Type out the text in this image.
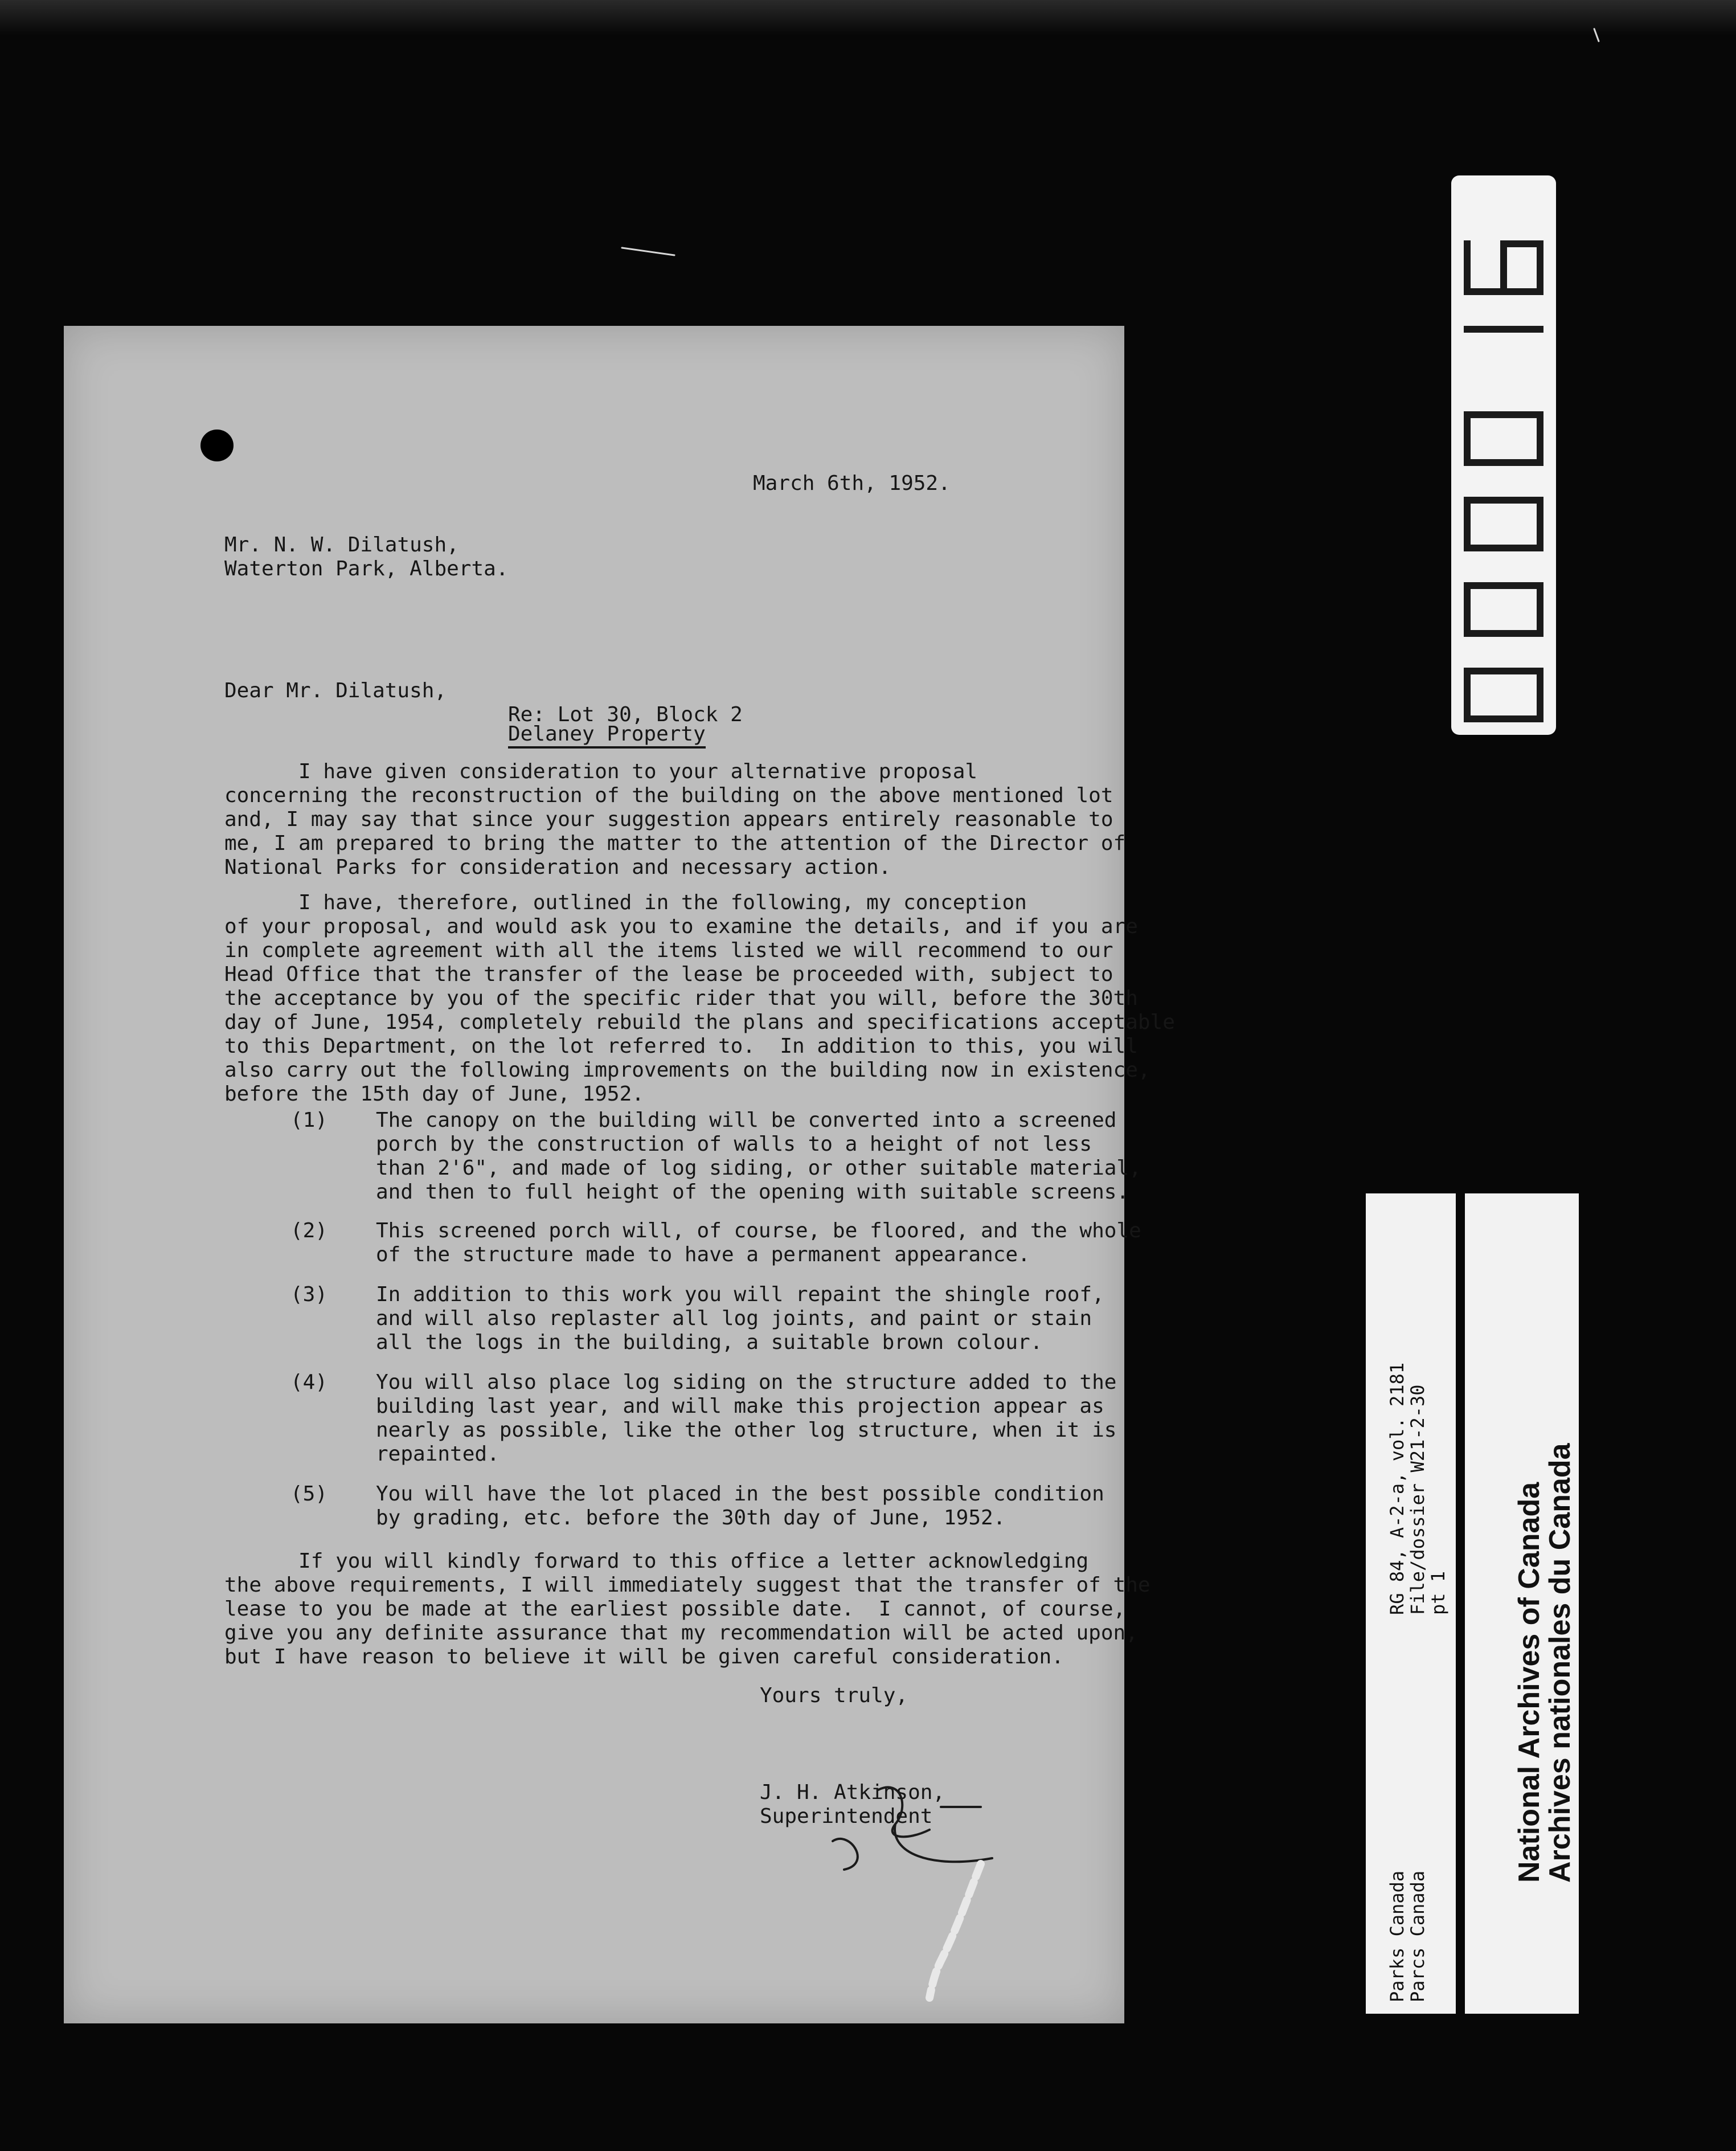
March 6th, 1952.
Mr. N. W. Dilatush,
Waterton Park, Alberta.
Dear Mr. Dilatush,
Re: Lot 30, Block 2
Delaney Property
I have given consideration to your alternative proposal
concerning the reconstruction of the building on the above mentioned lot
and, I may say that since your suggestion appears entirely reasonable to
me, I am prepared to bring the matter to the attention of the Director of
National Parks for consideration and necessary action.
I have, therefore, outlined in the following, my conception
of your proposal, and would ask you to examine the details, and if you are
in complete agreement with all the items listed we will recommend to our
Head Office that the transfer of the lease be proceeded with, subject to
the acceptance by you of the specific rider that you will, before the 30th
day of June, 1954, completely rebuild the plans and specifications acceptable
to this Department, on the lot referred to.  In addition to this, you will
also carry out the following improvements on the building now in existence,
before the 15th day of June, 1952.
(1) The canopy on the building will be converted into a screened
porch by the construction of walls to a height of not less
than 2'6", and made of log siding, or other suitable material,
and then to full height of the opening with suitable screens.
(2) This screened porch will, of course, be floored, and the whole
of the structure made to have a permanent appearance.
(3) In addition to this work you will repaint the shingle roof,
and will also replaster all log joints, and paint or stain
all the logs in the building, a suitable brown colour.
(4) You will also place log siding on the structure added to the
building last year, and will make this projection appear as
nearly as possible, like the other log structure, when it is
repainted.
(5) You will have the lot placed in the best possible condition
by grading, etc. before the 30th day of June, 1952.
If you will kindly forward to this office a letter acknowledging
the above requirements, I will immediately suggest that the transfer of the
lease to you be made at the earliest possible date.  I cannot, of course,
give you any definite assurance that my recommendation will be acted upon,
but I have reason to believe it will be given careful consideration.
Yours truly,
J. H. Atkinson,
Superintendent
RG 84, A-2-a, vol. 2181
File/dossier W21-2-30
pt 1
Parks Canada
Parcs Canada
National Archives of Canada
Archives nationales du Canada
